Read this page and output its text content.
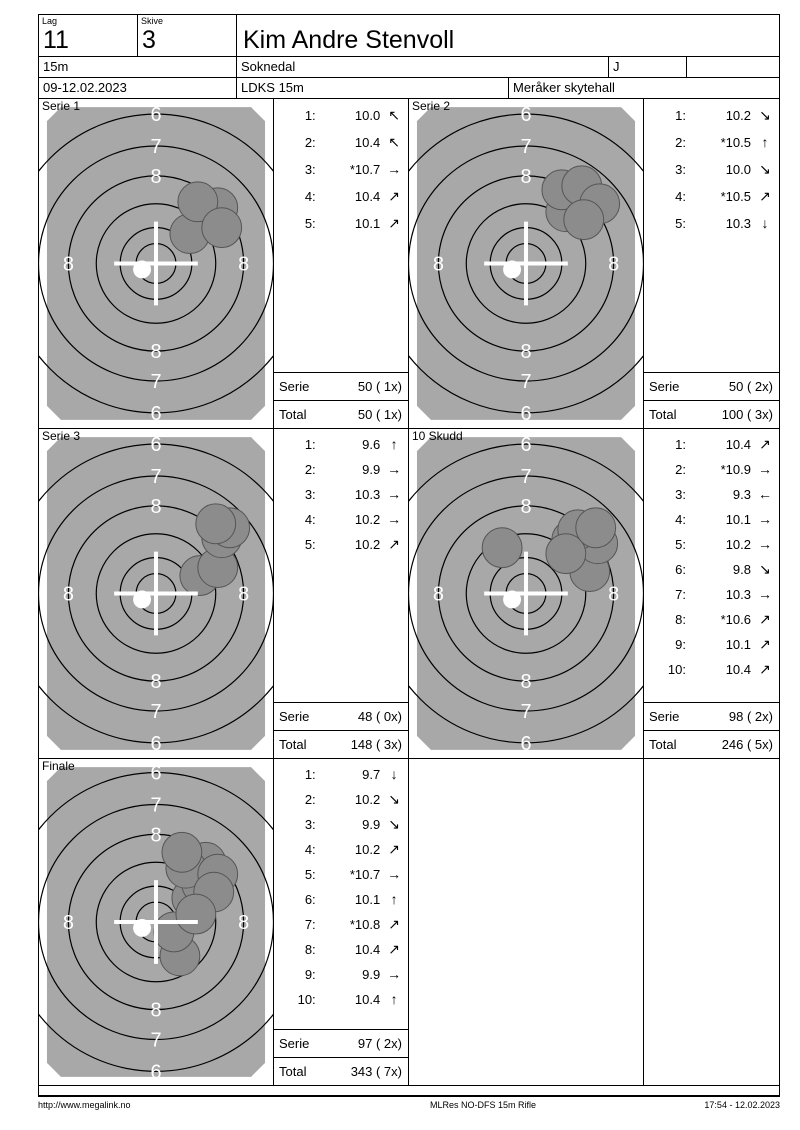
Lag
11
Skive
3	Kim Andre Stenvoll
15m	Soknedal	J
09-12.02.2023	LDKS 15m	Meråker skytehall
7
8
8	8
8
7
6
6
Serie 1
1:	10.0 ↖
2:	10.4 ↖
3:	*10.7 →
4:	10.4 ↗
5:	10.1 ↗
Serie	50 ( 1x)
Total	50 ( 1x)
7
8
8	8
8
7
6
6
Serie 2
1:	10.2 ↘
2:	*10.5 ↑
3:	10.0 ↘
4:	*10.5 ↗
5:	10.3 ↓
Serie	50 ( 2x)
Total	100 ( 3x)
7
8
8	8
8
7
6
6
Serie 3
1:	9.6 ↑
2:	9.9 →
3:	10.3 →
4:	10.2 →
5:	10.2 ↗
Serie	48 ( 0x)
Total	148 ( 3x)
7
8
8	8
8
7
6
6
10 Skudd
1:	10.4 ↗
2:	*10.9 →
3:	9.3 ←
4:	10.1 →
5:	10.2 →
6:	9.8 ↘
7:	10.3 →
8:	*10.6 ↗
9:	10.1 ↗
10:	10.4 ↗
Serie	98 ( 2x)
Total	246 ( 5x)
7
8
8	8
8
7
6
6
Finale
1:	9.7 ↓
2:	10.2 ↘
3:	9.9 ↘
4:	10.2 ↗
5:	*10.7 →
6:	10.1 ↑
7:	*10.8 ↗
8:	10.4 ↗
9:	9.9 →
10:	10.4 ↑
Serie	97 ( 2x)
Total	343 ( 7x)
http://www.megalink.no	MLRes NO-DFS 15m Rifle	17:54 - 12.02.2023
